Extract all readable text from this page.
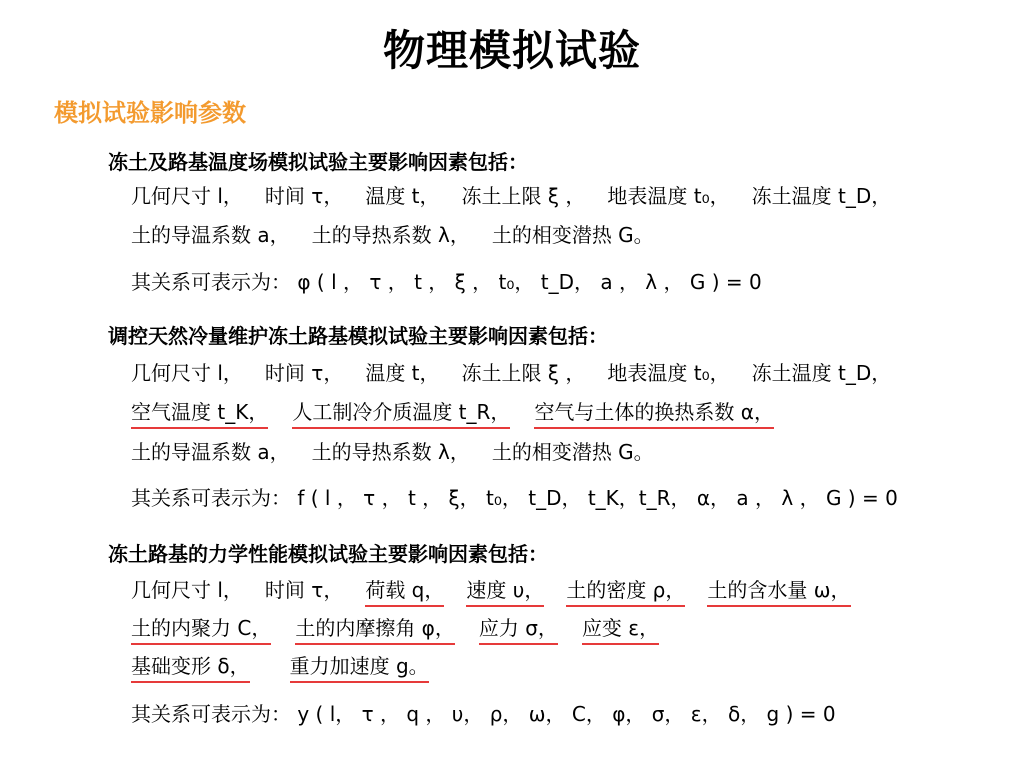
物理模拟试验
模拟试验影响参数
冻土及路基温度场模拟试验主要影响因素包括：
几何尺寸 l， 时间 τ， 温度 t， 冻土上限 ξ ， 地表温度 t₀， 冻土温度 t_D，
土的导温系数 a， 土的导热系数 λ， 土的相变潜热 G。
其关系可表示为： φ ( l ， τ ， t ， ξ ， t₀， t_D， a ， λ ， G ) = 0
调控天然冷量维护冻土路基模拟试验主要影响因素包括：
几何尺寸 l， 时间 τ， 温度 t， 冻土上限 ξ ， 地表温度 t₀， 冻土温度 t_D，
空气温度 t_K， 人工制冷介质温度 t_R， 空气与土体的换热系数 α，
土的导温系数 a， 土的导热系数 λ， 土的相变潜热 G。
其关系可表示为： f ( l ， τ ， t ， ξ， t₀， t_D， t_K，t_R， α， a ， λ ， G ) = 0
冻土路基的力学性能模拟试验主要影响因素包括：
几何尺寸 l， 时间 τ， 荷载 q， 速度 υ， 土的密度 ρ， 土的含水量 ω，
土的内聚力 C， 土的内摩擦角 φ， 应力 σ， 应变 ε，
基础变形 δ， 重力加速度 g。
其关系可表示为： y ( l， τ ， q ， υ， ρ， ω， C， φ， σ， ε， δ， g ) = 0
